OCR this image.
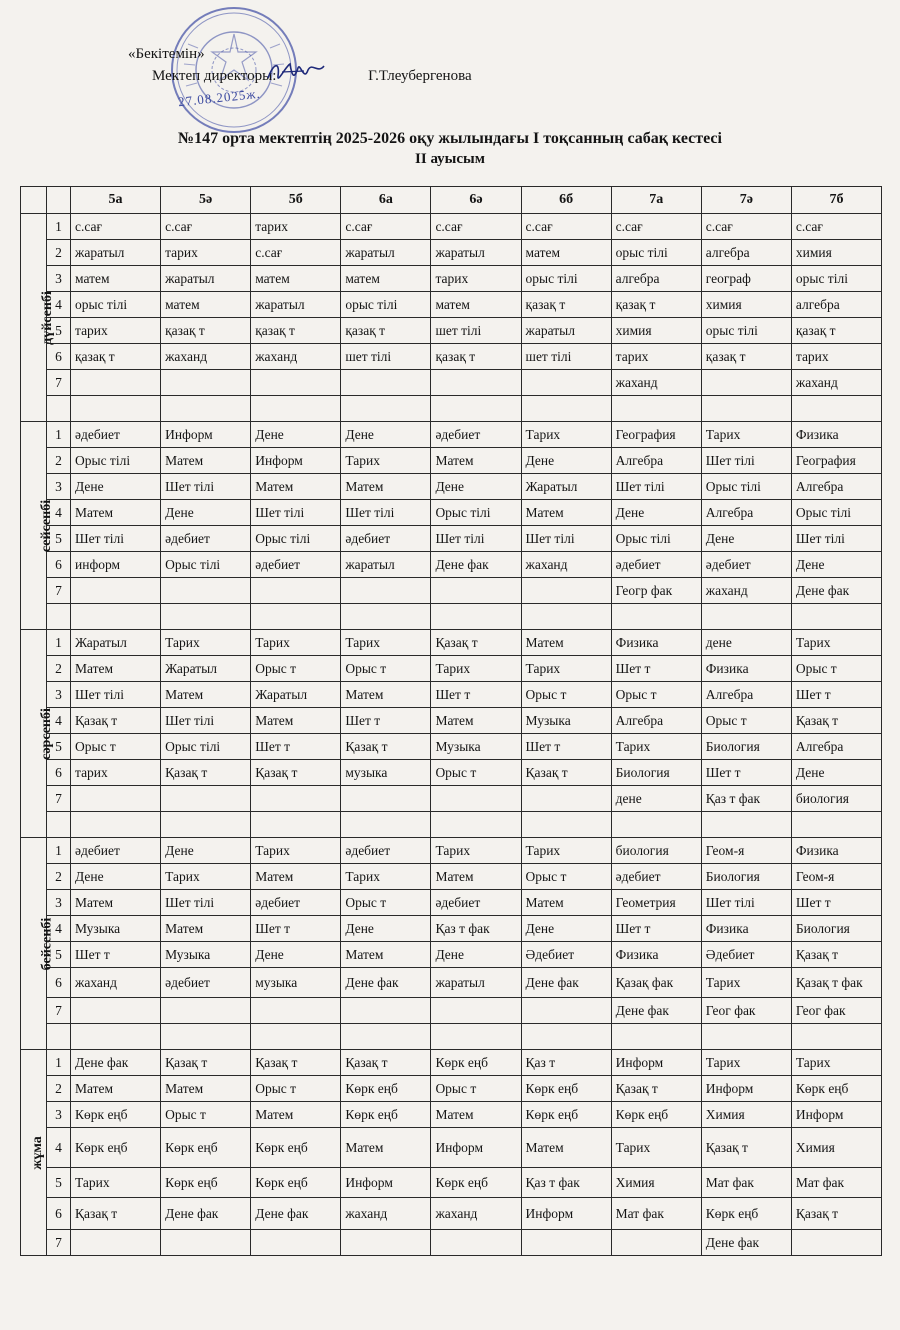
«Бекітемін»
Мектеп директоры:	Г.Тлеубергенова
27.08.2025ж.
№147 орта мектептің 2025-2026 оқу жылындағы І тоқсанның сабақ кестесі
ІІ ауысым
		5а	5ә	5б	6а	6ә	6б	7а	7ә	7б
дүйсенбі	1	с.сағ	с.сағ	тарих	с.сағ	с.сағ	с.сағ	с.сағ	с.сағ	с.сағ
	2	жаратыл	тарих	с.сағ	жаратыл	жаратыл	матем	орыс тілі	алгебра	химия
	3	матем	жаратыл	матем	матем	тарих	орыс тілі	алгебра	географ	орыс тілі
	4	орыс тілі	матем	жаратыл	орыс тілі	матем	қазақ т	қазақ т	химия	алгебра
	5	тарих	қазақ т	қазақ т	қазақ т	шет тілі	жаратыл	химия	орыс тілі	қазақ т
	6	қазақ т	жаханд	жаханд	шет тілі	қазақ т	шет тілі	тарих	қазақ т	тарих
	7							жаханд		жаханд

сейсенбі	1	әдебиет	Информ	Дене	Дене	әдебиет	Тарих	География	Тарих	Физика
	2	Орыс тілі	Матем	Информ	Тарих	Матем	Дене	Алгебра	Шет тілі	География
	3	Дене	Шет тілі	Матем	Матем	Дене	Жаратыл	Шет тілі	Орыс тілі	Алгебра
	4	Матем	Дене	Шет тілі	Шет тілі	Орыс тілі	Матем	Дене	Алгебра	Орыс тілі
	5	Шет тілі	әдебиет	Орыс тілі	әдебиет	Шет тілі	Шет тілі	Орыс тілі	Дене	Шет тілі
	6	информ	Орыс тілі	әдебиет	жаратыл	Дене фак	жаханд	әдебиет	әдебиет	Дене
	7							Геогр фак	жаханд	Дене фак

сәрсенбі	1	Жаратыл	Тарих	Тарих	Тарих	Қазақ т	Матем	Физика	дене	Тарих
	2	Матем	Жаратыл	Орыс т	Орыс т	Тарих	Тарих	Шет т	Физика	Орыс т
	3	Шет тілі	Матем	Жаратыл	Матем	Шет т	Орыс т	Орыс т	Алгебра	Шет т
	4	Қазақ т	Шет тілі	Матем	Шет т	Матем	Музыка	Алгебра	Орыс т	Қазақ т
	5	Орыс т	Орыс тілі	Шет т	Қазақ т	Музыка	Шет т	Тарих	Биология	Алгебра
	6	тарих	Қазақ т	Қазақ т	музыка	Орыс т	Қазақ т	Биология	Шет т	Дене
	7							дене	Қаз т фак	биология

бейсенбі	1	әдебиет	Дене	Тарих	әдебиет	Тарих	Тарих	биология	Геом-я	Физика
	2	Дене	Тарих	Матем	Тарих	Матем	Орыс т	әдебиет	Биология	Геом-я
	3	Матем	Шет тілі	әдебиет	Орыс т	әдебиет	Матем	Геометрия	Шет тілі	Шет т
	4	Музыка	Матем	Шет т	Дене	Қаз т фак	Дене	Шет т	Физика	Биология
	5	Шет т	Музыка	Дене	Матем	Дене	Әдебиет	Физика	Әдебиет	Қазақ т
	6	жаханд	әдебиет	музыка	Дене фак	жаратыл	Дене фак	Қазақ фак	Тарих	Қазақ т фак
	7							Дене фак	Геог фак	Геог фак

жұма	1	Дене фак	Қазақ т	Қазақ т	Қазақ т	Көрк еңб	Қаз т	Информ	Тарих	Тарих
	2	Матем	Матем	Орыс т	Көрк еңб	Орыс т	Көрк еңб	Қазақ т	Информ	Көрк еңб
	3	Көрк еңб	Орыс т	Матем	Көрк еңб	Матем	Көрк еңб	Көрк еңб	Химия	Информ
	4	Көрк еңб	Көрк еңб	Көрк еңб	Матем	Информ	Матем	Тарих	Қазақ т	Химия
	5	Тарих	Көрк еңб	Көрк еңб	Информ	Көрк еңб	Қаз т фак	Химия	Мат фак	Мат фак
	6	Қазақ т	Дене фак	Дене фак	жаханд	жаханд	Информ	Мат фак	Көрк еңб	Қазақ т
	7								Дене фак	
